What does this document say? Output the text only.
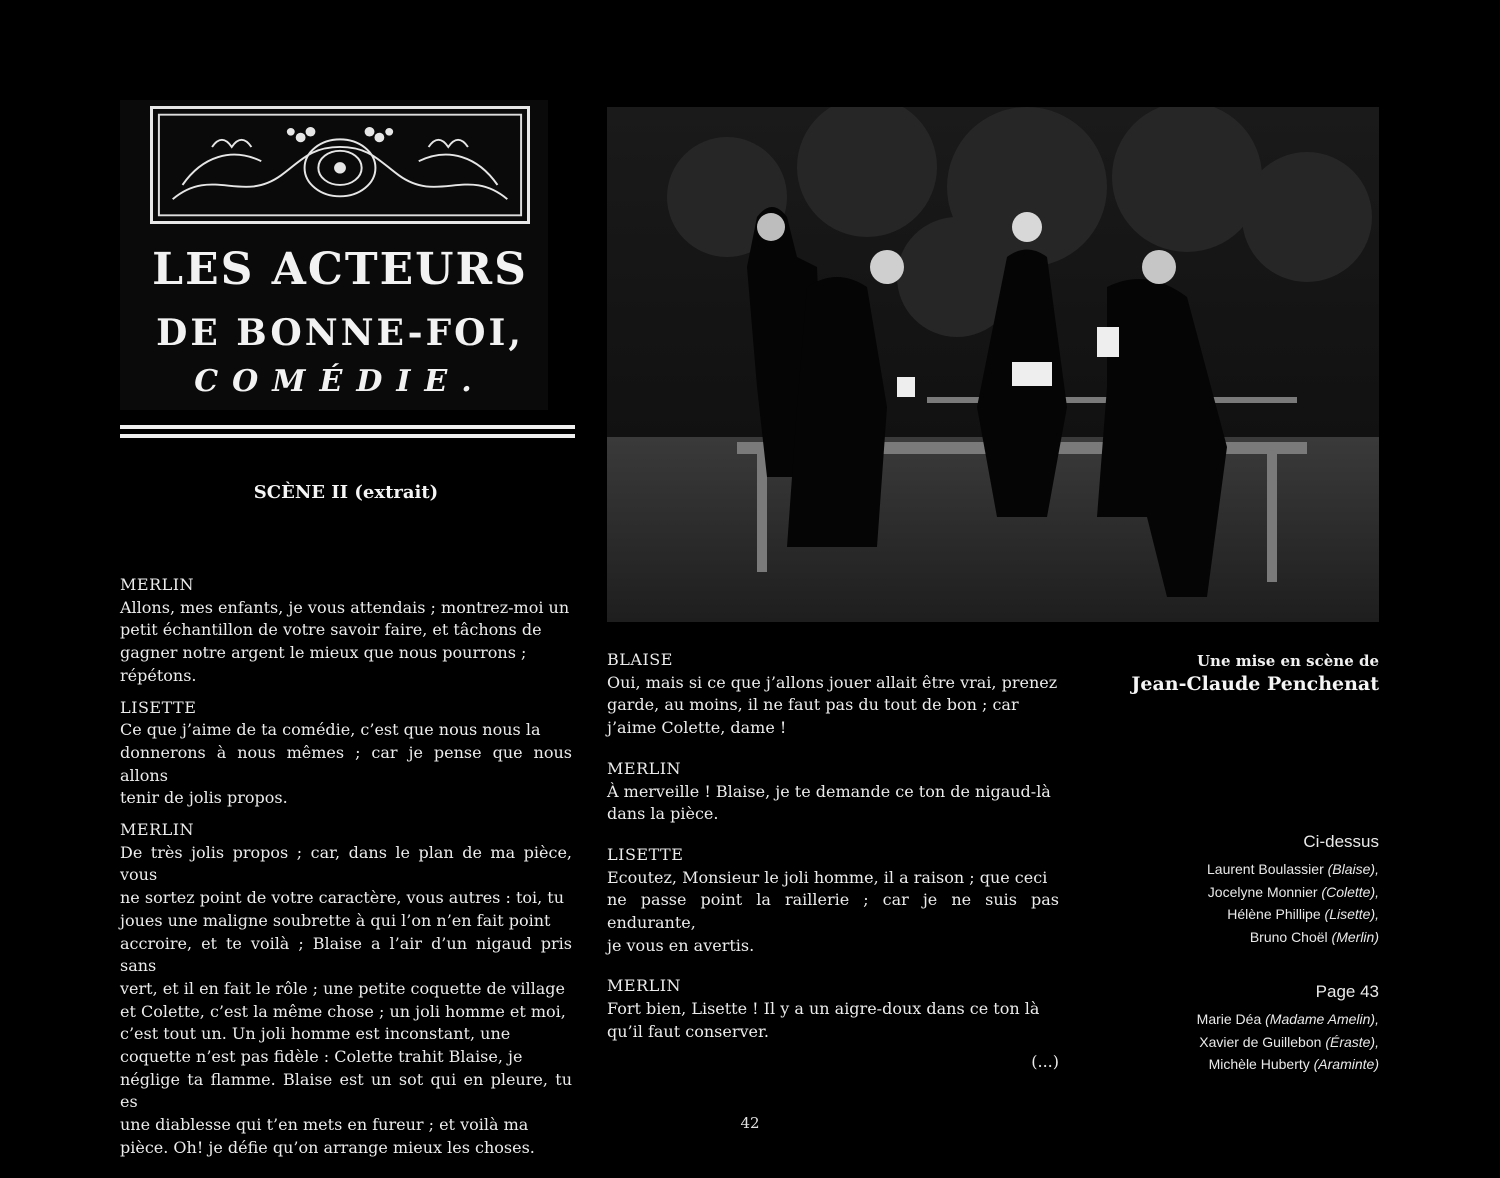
LES ACTEURS
DE BONNE-FOI,
COMÉDIE.
SCÈNE II (extrait)
MERLIN
Allons, mes enfants, je vous attendais ; montrez-moi un
petit échantillon de votre savoir faire, et tâchons de
gagner notre argent le mieux que nous pourrons ;
répétons.
LISETTE
Ce que j’aime de ta comédie, c’est que nous nous la
donnerons à nous mêmes ; car je pense que nous allons
tenir de jolis propos.
MERLIN
De très jolis propos ; car, dans le plan de ma pièce, vous
ne sortez point de votre caractère, vous autres : toi, tu
joues une maligne soubrette à qui l’on n’en fait point
accroire, et te voilà ; Blaise a l’air d’un nigaud pris sans
vert, et il en fait le rôle ; une petite coquette de village
et Colette, c’est la même chose ; un joli homme et moi,
c’est tout un. Un joli homme est inconstant, une
coquette n’est pas fidèle : Colette trahit Blaise, je
néglige ta flamme. Blaise est un sot qui en pleure, tu es
une diablesse qui t’en mets en fureur ; et voilà ma
pièce. Oh! je défie qu’on arrange mieux les choses.
BLAISE
Oui, mais si ce que j’allons jouer allait être vrai, prenez
garde, au moins, il ne faut pas du tout de bon ; car
j’aime Colette, dame !
MERLIN
À merveille ! Blaise, je te demande ce ton de nigaud-là
dans la pièce.
LISETTE
Ecoutez, Monsieur le joli homme, il a raison ; que ceci
ne passe point la raillerie ; car je ne suis pas endurante,
je vous en avertis.
MERLIN
Fort bien, Lisette ! Il y a un aigre-doux dans ce ton là
qu’il faut conserver.
(...)
Une mise en scène de
Jean-Claude Penchenat
Ci-dessus
Laurent Boulassier (Blaise),
Jocelyne Monnier (Colette),
Hélène Phillipe (Lisette),
Bruno Choël (Merlin)
Page 43
Marie Déa (Madame Amelin),
Xavier de Guillebon (Éraste),
Michèle Huberty (Araminte)
42
